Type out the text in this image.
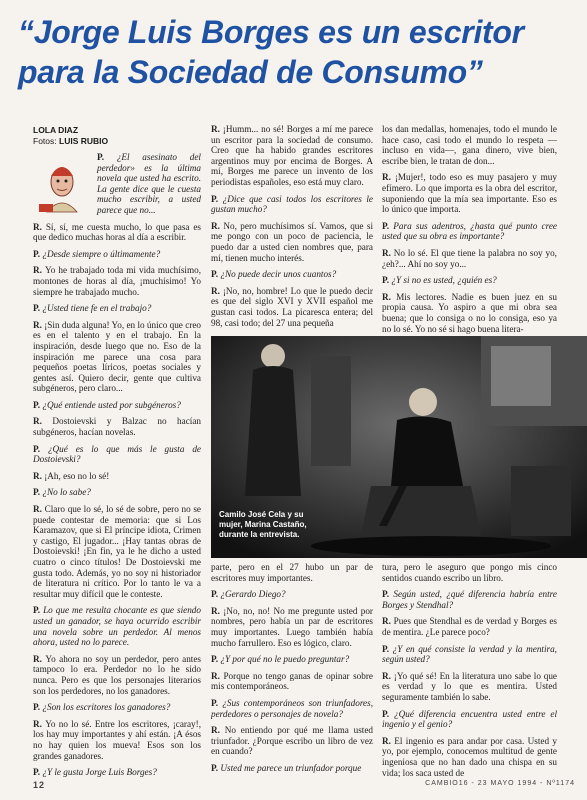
“Jorge Luis Borges es un escritor para la Sociedad de Consumo”
LOLA DIAZ
Fotos: LUIS RUBIO

P. ¿El asesinato del perdedor» es la última novela que usted ha escrito. La gente dice que le cuesta mucho escribir, a usted parece que no...

R. Sí, sí, me cuesta mucho, lo que pasa es que dedico muchas horas al día a escribir.

P. ¿Desde siempre o últimamente?

R. Yo he trabajado toda mi vida muchísimo, montones de horas al día, ¡muchísimo! Yo siempre he trabajado mucho.

P. ¿Usted tiene fe en el trabajo?

R. ¡Sin duda alguna! Yo, en lo único que creo es en el talento y en el trabajo. En la inspiración, desde luego que no. Eso de la inspiración me parece una cosa para pequeños poetas líricos, poetas sociales y gentes así. Quiero decir, gente que cultiva subgéneros, pero claro...

P. ¿Qué entiende usted por subgéneros?

R. Dostoievski y Balzac no hacían subgéneros, hacían novelas.

P. ¿Qué es lo que más le gusta de Dostoievski?

R. ¡Ah, eso no lo sé!

P. ¿No lo sabe?

R. Claro que lo sé, lo sé de sobre, pero no se puede contestar de memoria: que si Los Karamazov, que si El príncipe idiota, Crimen y castigo, El jugador... ¡Hay tantas obras de Dostoievski! ¡En fin, ya le he dicho a usted cuatro o cinco títulos! De Dostoievski me gusta todo. Además, yo no soy ni historiador de literatura ni crítico. Por lo tanto le va a resultar muy difícil que le conteste.

P. Lo que me resulta chocante es que siendo usted un ganador, se haya ocurrido escribir una novela sobre un perdedor. Al menos ahora, usted no lo parece.

R. Yo ahora no soy un perdedor, pero antes tampoco lo era. Perdedor no lo he sido nunca. Pero es que los personajes literarios son los perdedores, no los ganadores.

P. ¿Son los escritores los ganadores?

R. Yo no lo sé. Entre los escritores, ¡caray!, los hay muy importantes y ahí están. ¡A ésos no hay quien los mueva! Esos son los grandes ganadores.

P. ¿Y le gusta Jorge Luis Borges?

R. ¡Humm... no sé! Borges a mí me parece un escritor para la sociedad de consumo. Creo que ha habido grandes escritores argentinos muy por encima de Borges. A mí, Borges me parece un invento de los periodistas españoles, eso está muy claro.

P. ¿Dice que casi todos los escritores le gustan mucho?

R. No, pero muchísimos sí. Vamos, que si me pongo con un poco de paciencia, le puedo dar a usted cien nombres que, para mí, tienen mucho interés.

P. ¿No puede decir unos cuantos?

R. ¡No, no, hombre! Lo que le puedo decir es que del siglo XVI y XVII español me gustan casi todos. La picaresca entera; del 98, casi todo; del 27 una pequeña

los dan medallas, homenajes, todo el mundo le hace caso, casi todo el mundo lo respeta —incluso en vida—, gana dinero, vive bien, escribe bien, le tratan de don...

R. ¡Mujer!, todo eso es muy pasajero y muy efímero. Lo que importa es la obra del escritor, suponiendo que la mía sea importante. Eso es lo único que importa.

P. Para sus adentros, ¿hasta qué punto cree usted que su obra es importante?

R. No lo sé. El que tiene la palabra no soy yo, ¿eh?... Ahí no soy yo...

P. ¿Y si no es usted, ¿quién es?

R. Mis lectores. Nadie es buen juez en su propia causa. Yo aspiro a que mi obra sea buena; que lo consiga o no lo consiga, eso ya no lo sé. Yo no sé si hago buena litera-

Camilo José Cela y su mujer, Marina Castaño, durante la entrevista.

parte, pero en el 27 hubo un par de escritores muy importantes.

P. ¿Gerardo Diego?

R. ¡No, no, no! No me pregunte usted por nombres, pero había un par de escritores muy importantes. Luego también había mucho farrullero. Eso es lógico, claro.

P. ¿Y por qué no le puedo preguntar?

R. Porque no tengo ganas de opinar sobre mis contemporáneos.

P. ¿Sus contemporáneos son triunfadores, perdedores o personajes de novela?

R. No entiendo por qué me llama usted triunfador. ¿Porque escribo un libro de vez en cuando?

P. Usted me parece un triunfador porque

tura, pero le aseguro que pongo mis cinco sentidos cuando escribo un libro.

P. Según usted, ¿qué diferencia habría entre Borges y Stendhal?

R. Pues que Stendhal es de verdad y Borges es de mentira. ¿Le parece poco?

P. ¿Y en qué consiste la verdad y la mentira, según usted?

R. ¡Yo qué sé! En la literatura uno sabe lo que es verdad y lo que es mentira. Usted seguramente también lo sabe.

P. ¿Qué diferencia encuentra usted entre el ingenio y el genio?

R. El ingenio es para andar por casa. Usted y yo, por ejemplo, conocemos multitud de gente ingeniosa que no han dado una chispa en su vida; los saca usted de

12	CAMBIO16 - 23 MAYO 1994 - Nº1174
